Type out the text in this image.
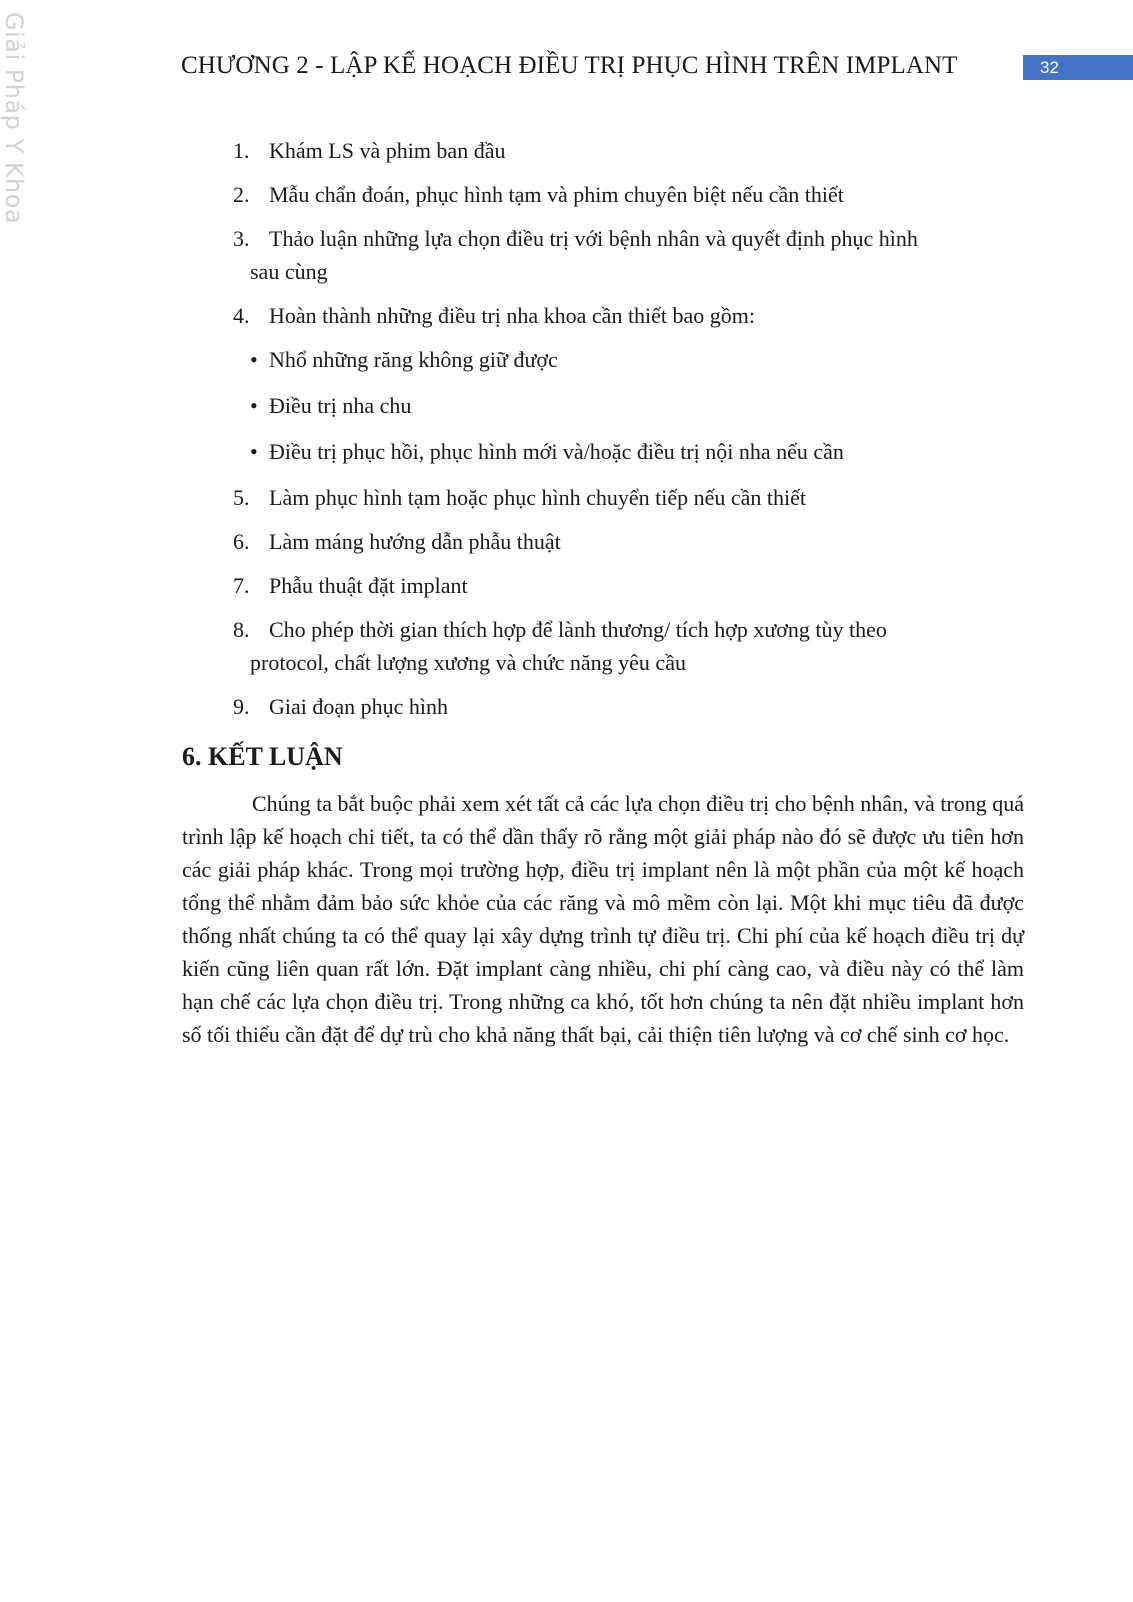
Giải Pháp Y Khoa	CHƯƠNG 2 - LẬP KẾ HOẠCH ĐIỀU TRỊ PHỤC HÌNH TRÊN IMPLANT	32
1. Khám LS và phim ban đầu
2. Mẫu chẩn đoán, phục hình tạm và phim chuyên biệt nếu cần thiết
3. Thảo luận những lựa chọn điều trị với bệnh nhân và quyết định phục hình
sau cùng
4. Hoàn thành những điều trị nha khoa cần thiết bao gồm:
• Nhổ những răng không giữ được
• Điều trị nha chu
• Điều trị phục hồi, phục hình mới và/hoặc điều trị nội nha nếu cần
5. Làm phục hình tạm hoặc phục hình chuyển tiếp nếu cần thiết
6. Làm máng hướng dẫn phẫu thuật
7. Phẫu thuật đặt implant
8. Cho phép thời gian thích hợp để lành thương/ tích hợp xương tùy theo
protocol, chất lượng xương và chức năng yêu cầu
9. Giai đoạn phục hình
6. KẾT LUẬN

Chúng ta bắt buộc phải xem xét tất cả các lựa chọn điều trị cho bệnh nhân, và trong quá trình lập kế hoạch chi tiết, ta có thể dần thấy rõ rằng một giải pháp nào đó sẽ được ưu tiên hơn các giải pháp khác. Trong mọi trường hợp, điều trị implant nên là một phần của một kế hoạch tổng thể nhằm đảm bảo sức khỏe của các răng và mô mềm còn lại. Một khi mục tiêu đã được thống nhất chúng ta có thể quay lại xây dựng trình tự điều trị. Chi phí của kế hoạch điều trị dự kiến cũng liên quan rất lớn. Đặt implant càng nhiều, chi phí càng cao, và điều này có thể làm hạn chế các lựa chọn điều trị. Trong những ca khó, tốt hơn chúng ta nên đặt nhiều implant hơn số tối thiểu cần đặt để dự trù cho khả năng thất bại, cải thiện tiên lượng và cơ chế sinh cơ học.
